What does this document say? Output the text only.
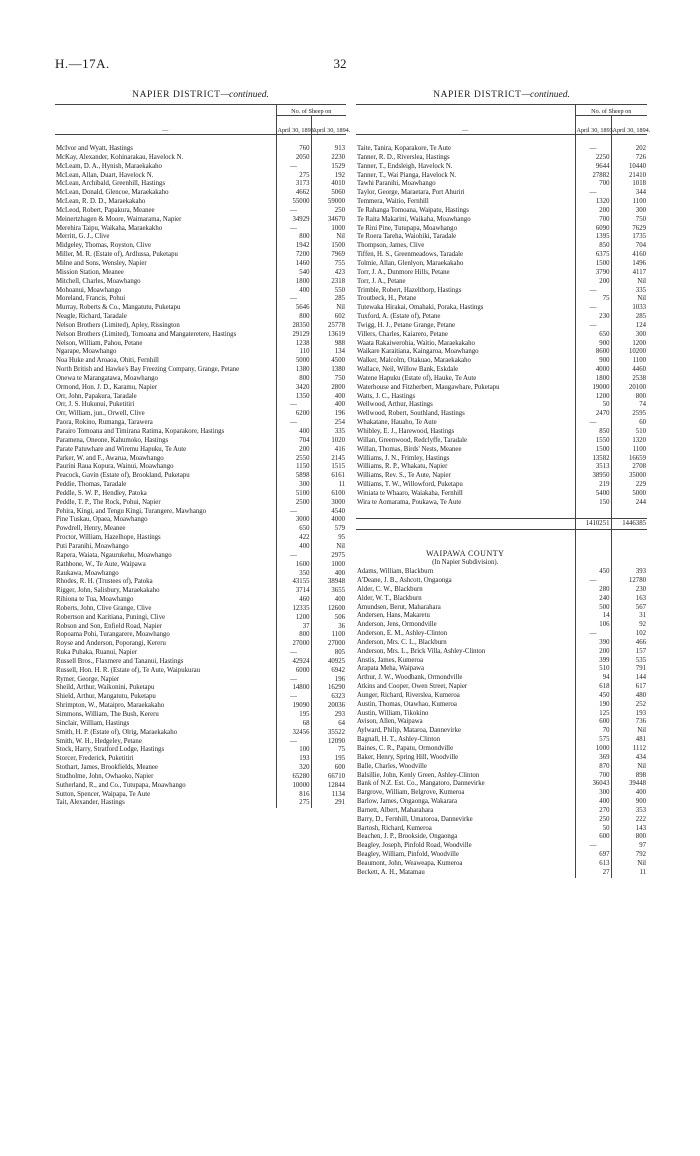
H.—17A.	32
NAPIER DISTRICT—continued.
—	No. of Sheep on	
	April 30, 1893.	April 30, 1894.

McIvor and Wyatt, Hastings	760	913
McKay, Alexander, Kohinarakau, Havelock N.	2050	2230
McLeam, D. A., Hynish, Maraekakaho	—	1529
McLean, Allan, Duart, Havelock N.	275	192
McLean, Archibald, Greenhill, Hastings	3173	4010
McLean, Donald, Glencoe, Maraekakaho	4662	5060
McLean, R. D. D., Maraekakaho	55000	59000
McLeod, Robert, Papakura, Meanee	—	250
Meinertzhagen & Moore, Waimarama, Napier	34929	34670
Merehira Taipu, Waikaha, Maraekakho	—	1000
Merritt, G. J., Clive	800	Nil
Midgeley, Thomas, Royston, Clive	1942	1500
Miller, M. R. (Estate of), Ardlussa, Puketapu	7200	7969
Milne and Sons, Wensley, Napier	1460	755
Mission Station, Meanee	540	423
Mitchell, Charles, Moawhango	1800	2318
Mohoanui, Moawhango	400	550
Moreland, Francis, Pohui	—	285
Murray, Roberts & Co., Mangatutu, Puketapu	5646	Nil
Neagle, Richard, Taradale	800	602
Nelson Brothers (Limited), Apley, Rissington	28350	25778
Nelson Brothers (Limited), Tomoana and Mangateretere, Hastings	29129	13619
Nelson, William, Pahou, Petane	1238	988
Ngarape, Moawhango	110	134
Noa Huke and Aroaoa, Ohiti, Fernhill	5000	4500
North British and Hawke's Bay Freezing Company, Grange, Petane	1380	1380
Onewa te Marangatawa, Moawhango	800	750
Ormond, Hon. J. D., Karamu, Napier	3420	2800
Orr, John, Papakura, Taradale	1350	400
Orr, J. S. Hukunui, Puketitiri	—	400
Orr, William, jun., Orwell, Clive	6200	196
Paora, Rokino, Rumanga, Tarawera	—	254
Parairo Tomoana and Timirana Ratima, Koparakore, Hastings	400	335
Paramena, Oneone, Kahumoko, Hastings	704	1020
Parate Patuwhare and Wiremu Hapuku, Te Aute	200	416
Parker, W. and F., Awarua, Moawhango	2550	2145
Paurini Raua Kopura, Wainui, Moawhango	1150	1515
Peacock, Gavin (Estate of), Brookland, Puketapu	5898	6161
Peddie, Thomas, Taradale	300	11
Peddle, S. W. P., Hendley, Patoka	5100	6100
Peddle, T. P., The Rock, Pohui, Napier	2500	3000
Pehira, Kingi, and Tengu Kingi, Turangere, Mawhango	—	4540
Pine Tuskau, Opaea, Moawhango	3000	4000
Powdrell, Henry, Meanee	650	579
Proctor, William, Hazelhope, Hastings	422	95
Puti Paranihi, Moawhango	400	Nil
Rapera, Waiata, Ngaurukehu, Moawhango	—	2975
Rathbone, W., Te Aute, Waipawa	1600	1000
Raukawa, Moawhango	350	400
Rhodes, R. H. (Trustees of), Patoka	43155	38948
Rigger, John, Salisbury, Maraekakaho	3714	3655
Rihiona te Tua, Moawhango	460	400
Roberts, John, Clive Grange, Clive	12335	12600
Robertson and Karitiana, Puningi, Clive	1200	506
Robson and Son, Enfield Road, Napier	37	36
Ropoama Pohi, Turangarere, Moawhango	800	1100
Royse and Anderson, Poporangi, Kereru	27000	27000
Ruka Puhaka, Ruanui, Napier	—	805
Russell Bros., Flaxmere and Tananui, Hastings	42924	40925
Russell, Hon. H. R. (Estate of), Te Aute, Waipukurau	6000	6942
Rymer, George, Napier	—	196
Sheild, Arthur, Waikonini, Puketapu	14800	16290
Shield, Arthur, Mangatutu, Puketapu	—	6323
Shrimpton, W., Mataipro, Maraekakaho	19090	20036
Simmons, William, The Bush, Kereru	195	293
Sinclair, William, Hastings	68	64
Smith, H. P. (Estate of), Olrig, Maraekakaho	32456	35522
Smith, W. H., Hedgeley, Petane	—	12090
Stock, Harry, Stratford Lodge, Hastings	100	75
Storcer, Frederick, Puketitiri	193	195
Stothart, James, Brookfields, Meanee	320	600
Studholme, John, Owhaoko, Napier	65280	66710
Sutherland, R., and Co., Tutupapa, Moawhango	10000	12844
Sutton, Spencer, Waipapa, Te Aute	816	1134
Tait, Alexander, Hastings	275	291
NAPIER DISTRICT—continued.
—	No. of Sheep on	
	April 30, 1893.	April 30, 1894.

Taite, Tanira, Koparakore, Te Aute	—	202
Tanner, R. D., Riverslea, Hastings	2250	726
Tanner, T., Endsleigh, Havelock N.	9644	10440
Tanner, T., Wai Pianga, Havelock N.	27882	21410
Tawhi Paranihi, Moawhango	700	1018
Taylor, George, Maraetara, Port Ahuriri	—	344
Temmera, Waitio, Fernhill	1320	1100
Te Rahanga Tomoana, Waipatu, Hastings	200	300
Te Raita Makarini, Waikaha, Moawhango	700	750
Te Rini Pine, Tutupapa, Moawhango	6090	7629
Te Roera Tareha, Waiohiki, Taradale	1395	1735
Thompson, James, Clive	850	704
Tiffen, H. S., Greenmeadows, Taradale	6375	4160
Tolmie, Allan, Glenlyon, Maraekakaho	1500	1496
Torr, J. A., Dunmore Hills, Petane	3790	4117
Torr, J. A., Petane	200	Nil
Trimble, Robert, Hazelthorp, Hastings	—	335
Troutbeck, H., Petane	75	Nil
Tutewaka Hirakai, Omahaki, Poraka, Hastings	—	1033
Tuxford, A. (Estate of), Petane	230	285
Twigg, H. J., Petane Grange, Petane	—	124
Villers, Charles, Kaiarero, Petane	650	300
Waata Rakaiwerohia, Waitio, Maraekakaho	900	1200
Waikare Karaitiana, Kaingaroa, Moawhango	8600	10200
Walker, Malcolm, Otakuao, Maraekakaho	900	1100
Wallace, Neil, Willow Bank, Eskdale	4000	4460
Watene Hapuku (Estate of), Hauke, Te Aute	1800	2538
Waterhouse and Fitzherbert, Maugawhare, Puketapu	19000	20100
Watts, J. C., Hastings	1200	800
Wellwood, Arthur, Hastings	50	74
Wellwood, Robert, Southland, Hastings	2470	2595
Whakatane, Hauaho, Te Aute	—	60
Whibley, E. J., Harewood, Hastings	850	510
Willan, Greenwood, Redclyffe, Taradale	1550	1320
Willan, Thomas, Birds' Nests, Meanee	1500	1100
Williams, J. N., Frimley, Hastings	13582	16659
Williams, R. P., Whakatu, Napier	3513	2708
Williams, Rev. S., Te Aute, Napier	38950	35000
Williams, T. W., Willowford, Puketapu	219	229
Winiata te Whaaro, Waiakaha, Fernhill	5400	5000
Wira te Aomarama, Poukawa, Te Aute	150	244

	1410251	1446385

WAIPAWA COUNTY		
(In Napier Subdivision).		
Adams, William, Blackburn	450	393
A'Deane, J. B., Ashcott, Ongaonga	—	12780
Alder, C. W., Blackburn	280	230
Alder, W. T., Blackburn	240	163
Amundsen, Berut, Maharahara	500	567
Andersen, Hans, Makaretu	14	31
Anderson, Jens, Ormondville	106	92
Anderson, E. M., Ashley-Clinton	—	102
Anderson, Mrs. C. L., Blackburn	390	466
Anderson, Mrs. L., Brick Villa, Ashley-Clinton	200	157
Anstis, James, Kumeroa	399	535
Arapata Meha, Waipawa	510	791
Arthur, J. W., Woodbank, Ormondville	94	144
Atkins and Cooper, Owen Street, Napier	618	617
Aunger, Richard, Riverslea, Kumeroa	450	480
Austin, Thomas, Otawhao, Kumeroa	190	252
Austin, William, Tikokino	125	193
Avison, Allen, Waipawa	600	736
Aylward, Philip, Mataroa, Dannevirke	70	Nil
Bagnall, H. T., Ashley-Clinton	575	481
Baines, C. R., Papatu, Ormondville	1000	1112
Baker, Henry, Spring Hill, Woodville	369	434
Balle, Charles, Woodville	870	Nil
Balsillie, John, Kenly Green, Ashley-Clinton	700	898
Bank of N.Z. Est. Co., Mangatoro, Dannevirke	36043	39448
Bargrove, William, Belgrove, Kumeroa	300	400
Barlow, James, Ongaonga, Wakarara	400	900
Barnett, Albert, Maharahara	270	353
Barry, D., Fernhill, Umatoroa, Dannevirke	250	222
Bartosh, Richard, Kumeroa	50	143
Beachen, J. P., Brookside, Ongaonga	600	800
Beagley, Joseph, Pinfold Road, Woodville	—	97
Beagley, William, Pinfold, Woodville	697	792
Beaumont, John, Weaweapa, Kumeroa	613	Nil
Beckett, A. H., Matamau	27	11
